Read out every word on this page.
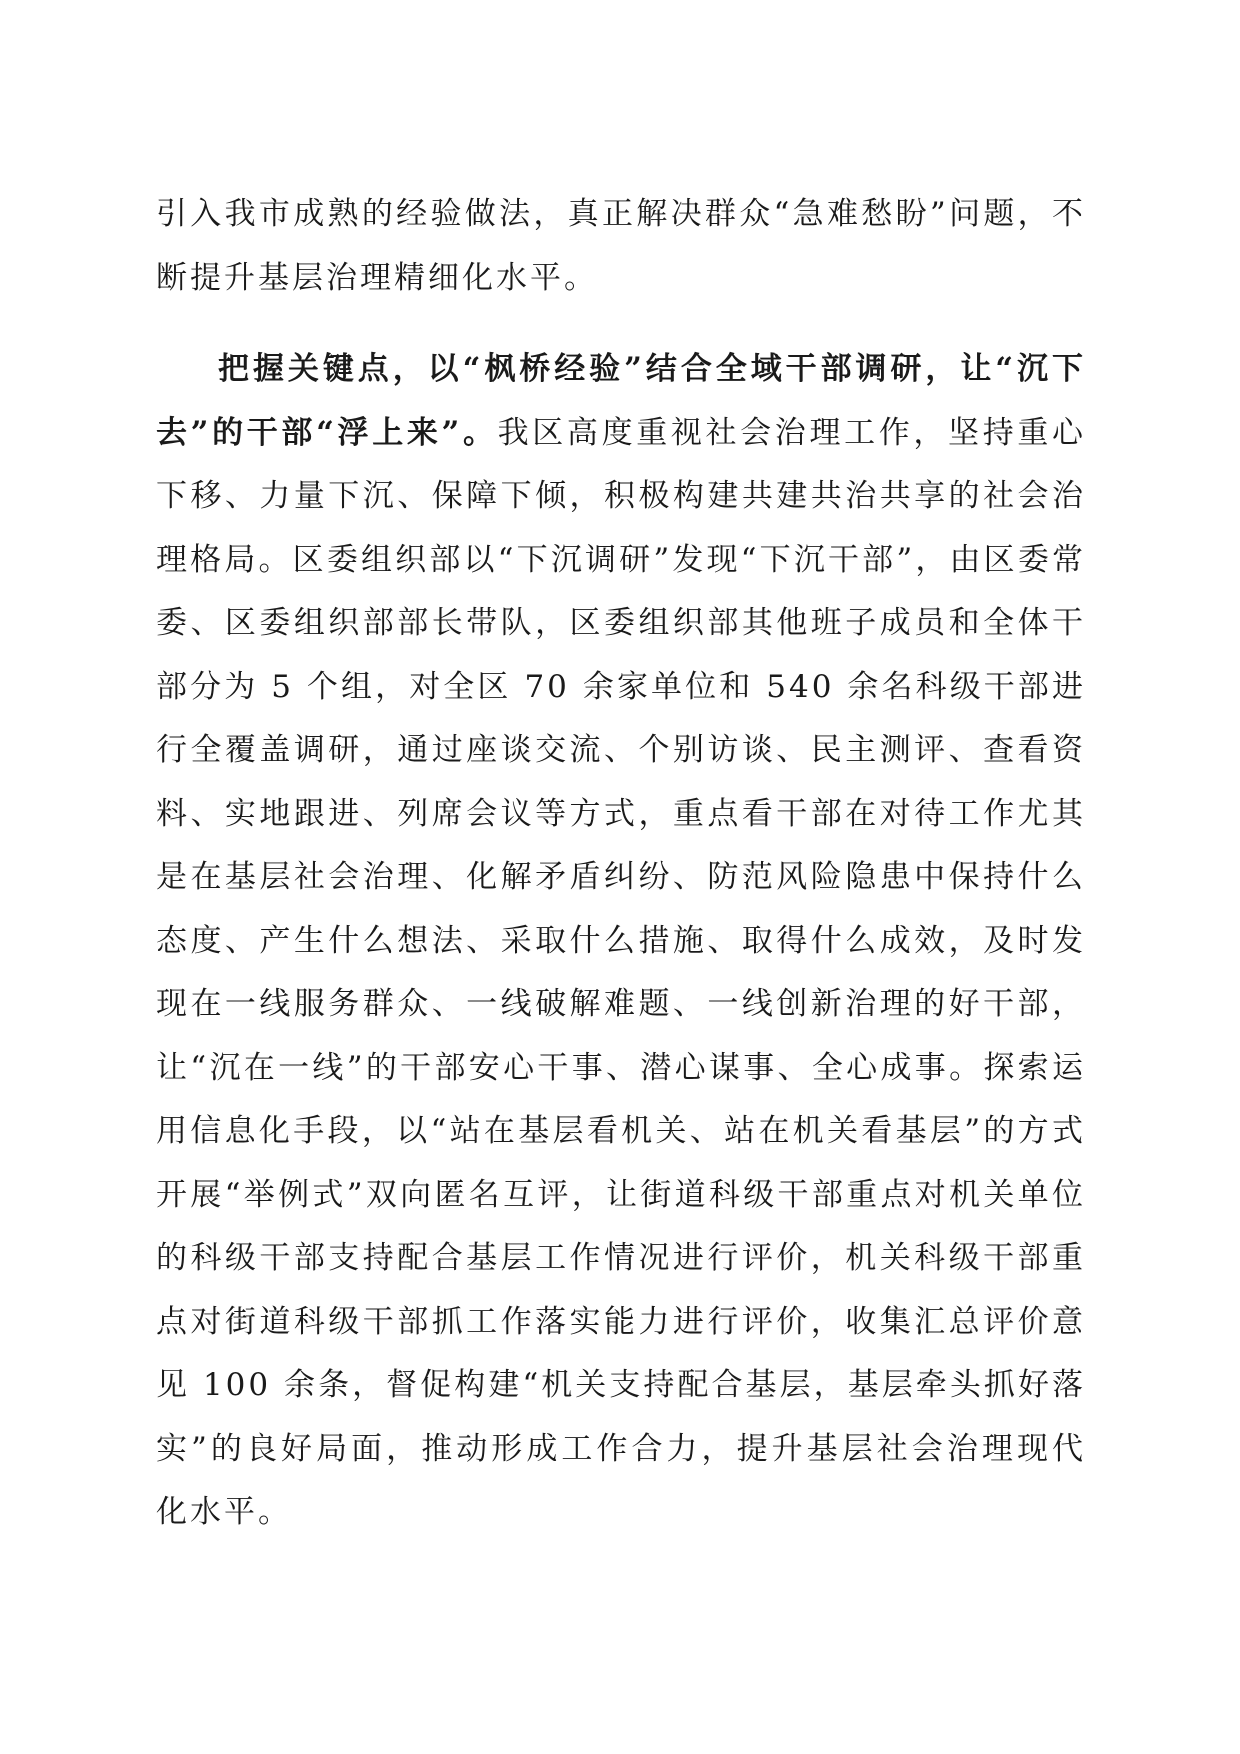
引入我市成熟的经验做法，真正解决群众“急难愁盼”问题，不断提升基层治理精细化水平。

把握关键点，以“枫桥经验”结合全域干部调研，让“沉下去”的干部“浮上来”。我区高度重视社会治理工作，坚持重心下移、力量下沉、保障下倾，积极构建共建共治共享的社会治理格局。区委组织部以“下沉调研”发现“下沉干部”，由区委常委、区委组织部部长带队，区委组织部其他班子成员和全体干部分为 5 个组，对全区 70 余家单位和 540 余名科级干部进行全覆盖调研，通过座谈交流、个别访谈、民主测评、查看资料、实地跟进、列席会议等方式，重点看干部在对待工作尤其是在基层社会治理、化解矛盾纠纷、防范风险隐患中保持什么态度、产生什么想法、采取什么措施、取得什么成效，及时发现在一线服务群众、一线破解难题、一线创新治理的好干部，让“沉在一线”的干部安心干事、潜心谋事、全心成事。探索运用信息化手段，以“站在基层看机关、站在机关看基层”的方式开展“举例式”双向匿名互评，让街道科级干部重点对机关单位的科级干部支持配合基层工作情况进行评价，机关科级干部重点对街道科级干部抓工作落实能力进行评价，收集汇总评价意见 100 余条，督促构建“机关支持配合基层，基层牵头抓好落实”的良好局面，推动形成工作合力，提升基层社会治理现代化水平。
